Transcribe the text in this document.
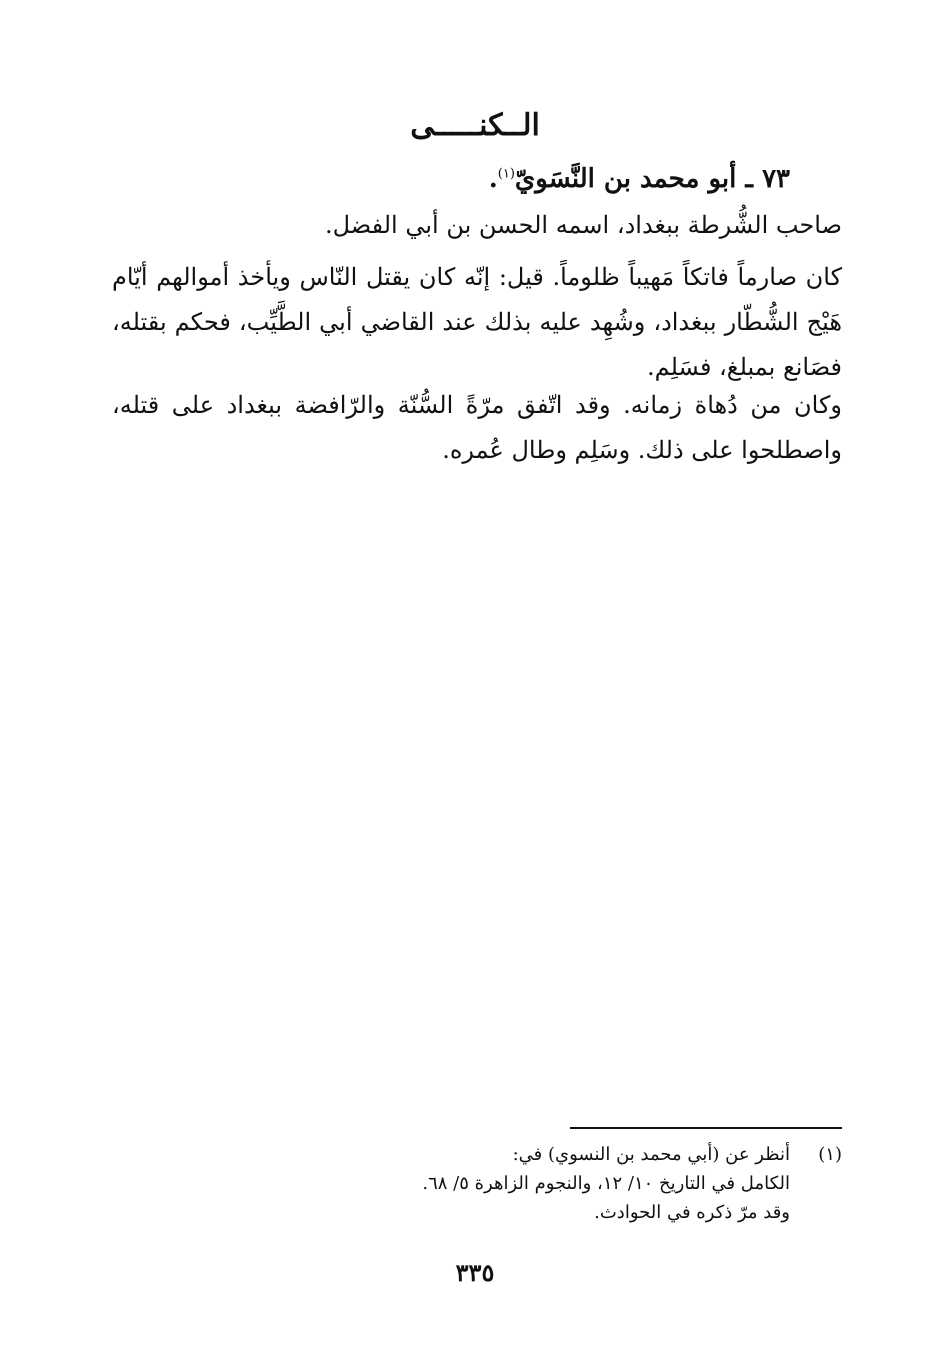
الــكنـــــى
٧٣ ـ أبو محمد بن النَّسَويّ$^{(١)}$.
صاحب الشُّرطة ببغداد، اسمه الحسن بن أبي الفضل.
كان صارماً فاتكاً مَهيباً ظلوماً. قيل: إنّه كان يقتل النّاس ويأخذ أموالهم أيّام هَيْج الشُّطّار ببغداد، وشُهِد عليه بذلك عند القاضي أبي الطَّيِّب، فحكم بقتله، فصَانع بمبلغ، فسَلِم.
وكان من دُهاة زمانه. وقد اتّفق مرّةً السُّنّة والرّافضة ببغداد على قتله، واصطلحوا على ذلك. وسَلِم وطال عُمره.
(١)
أنظر عن (أبي محمد بن النسوي) في:
الكامل في التاريخ ١٠/ ١٢، والنجوم الزاهرة ٥/ ٦٨.
وقد مرّ ذكره في الحوادث.
٣٣٥
